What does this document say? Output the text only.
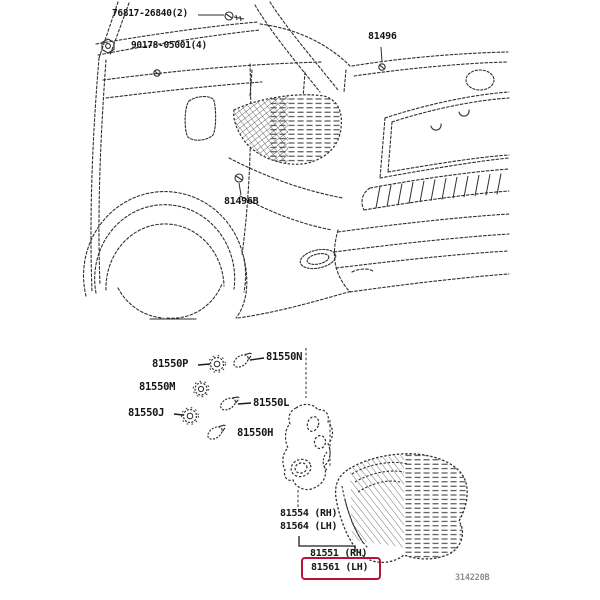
76817-26840(2)
90178-05001(4)
81496
81496B
81550P
81550N
81550M
81550L
81550J
81550H
81554 (RH)
81564 (LH)
81551 (RH)
81561 (LH)
314220B
